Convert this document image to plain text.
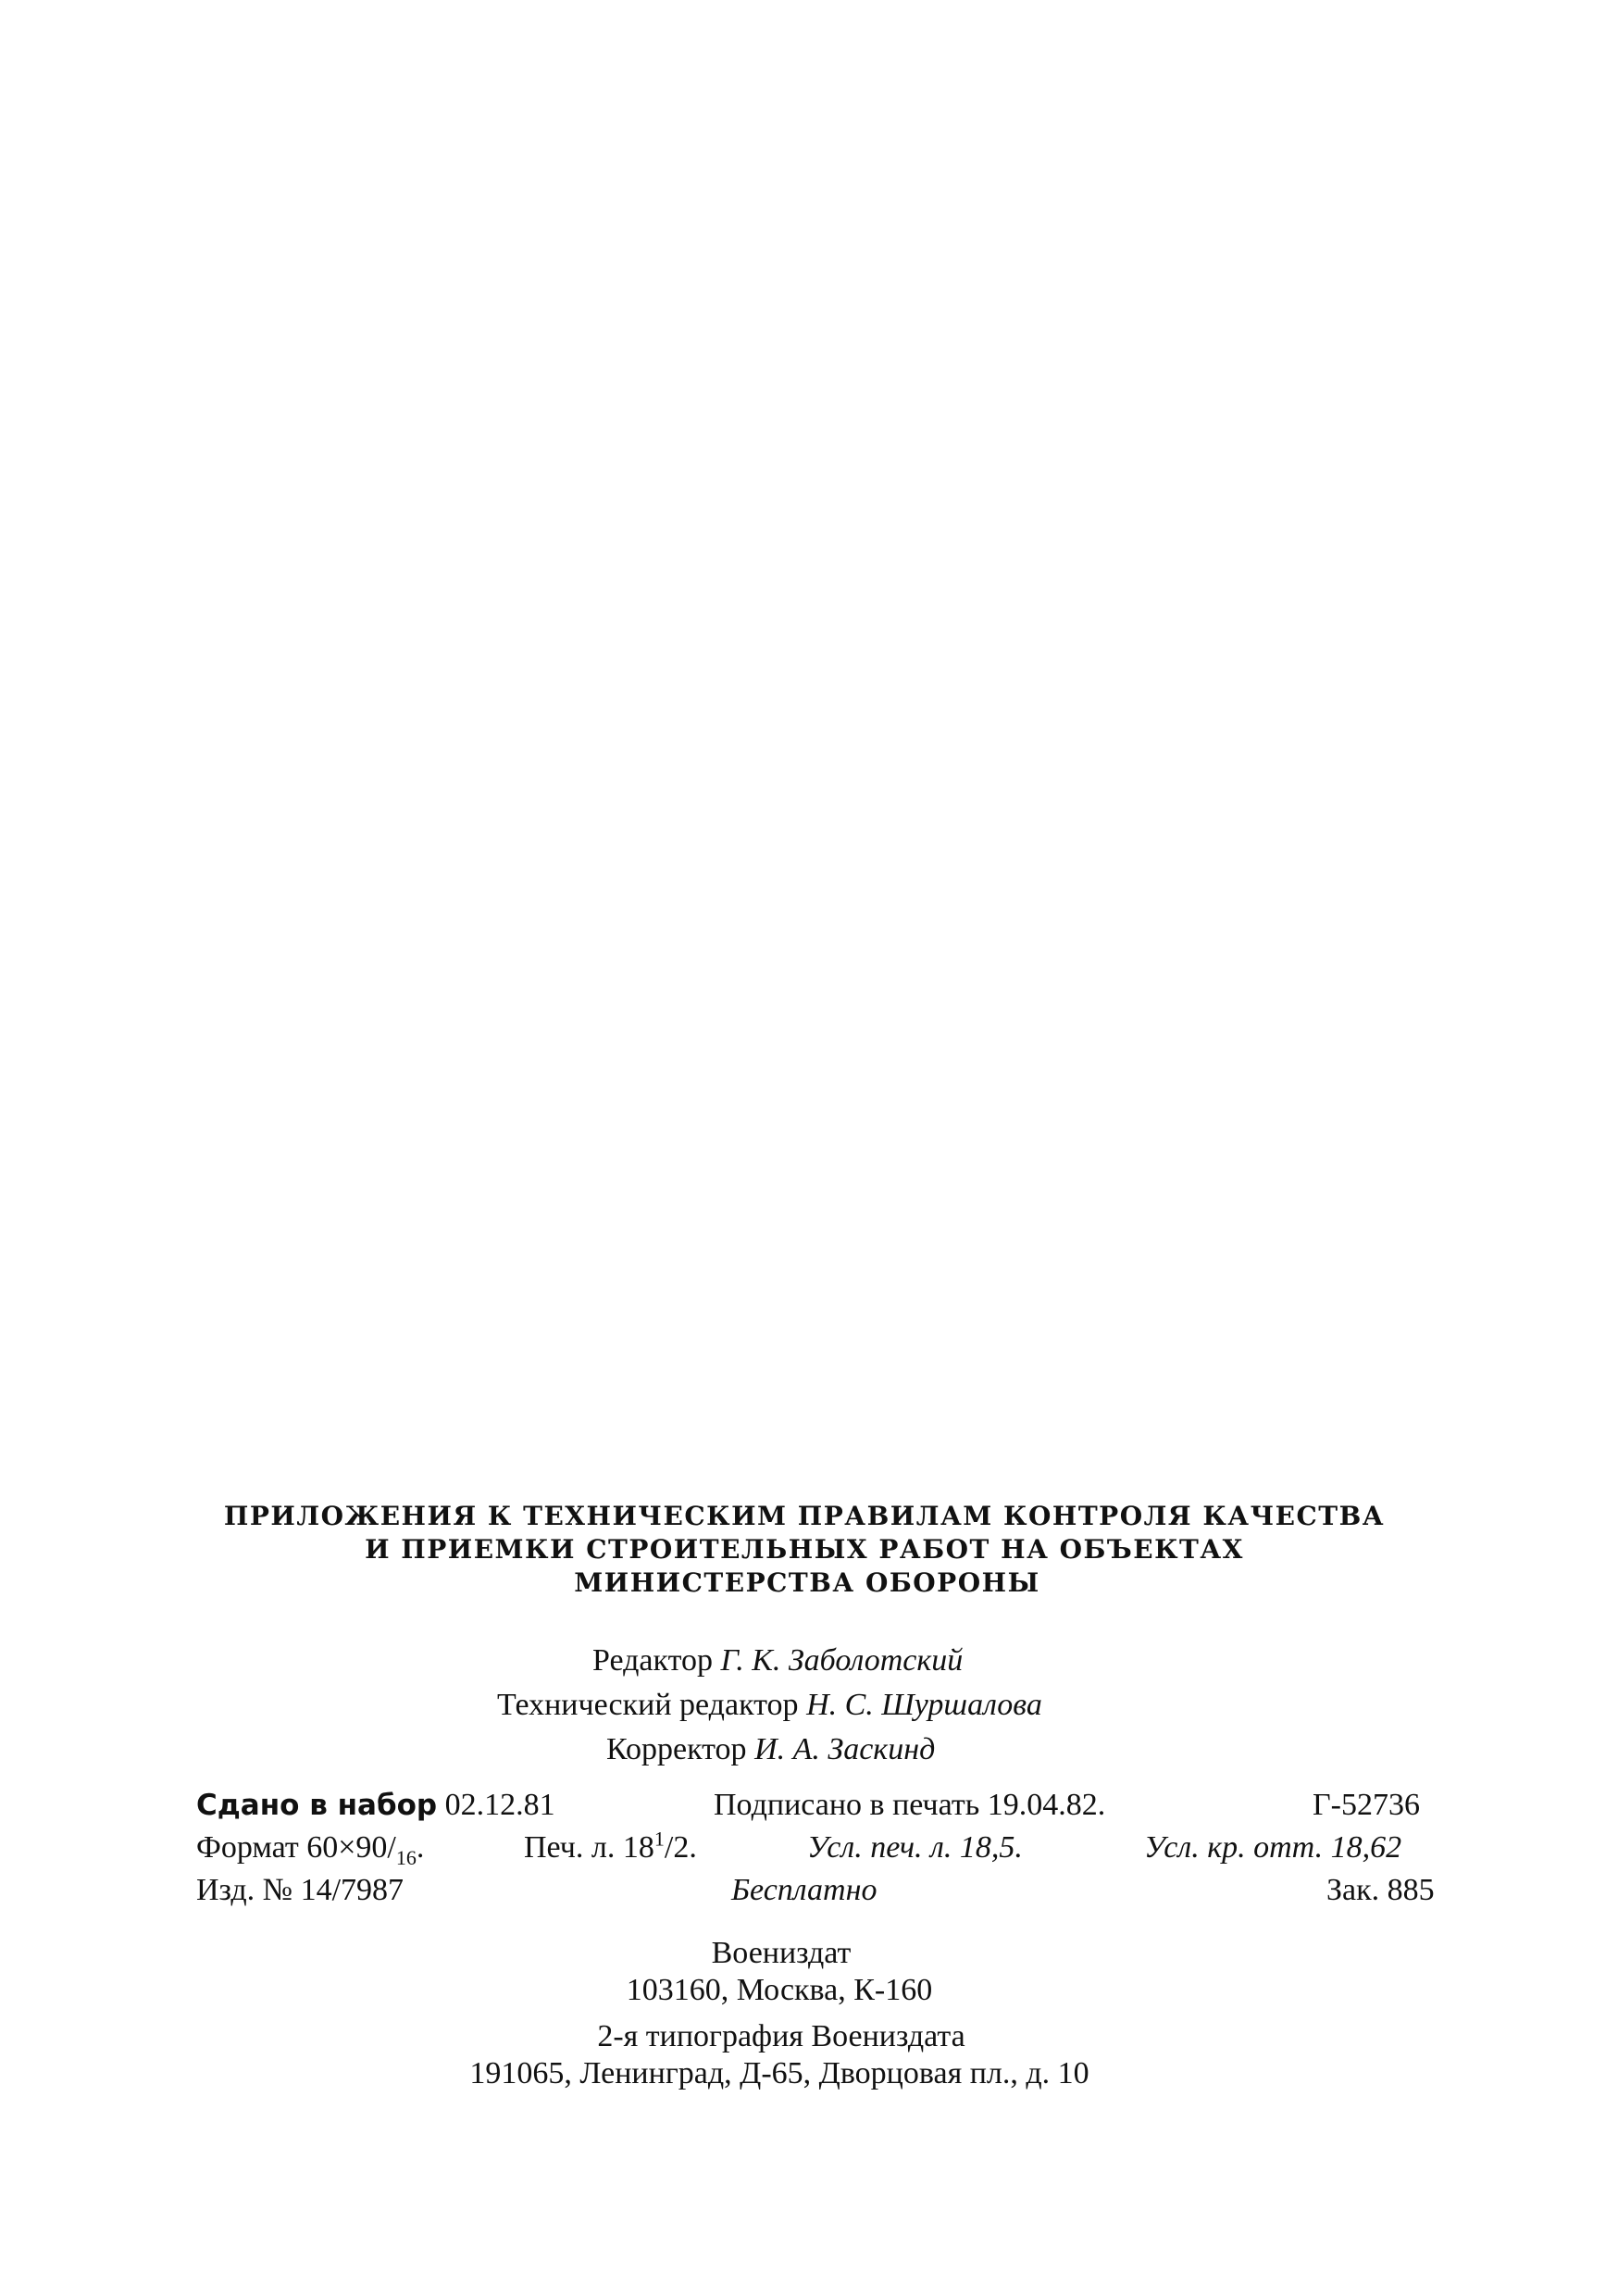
ПРИЛОЖЕНИЯ К ТЕХНИЧЕСКИМ ПРАВИЛАМ КОНТРОЛЯ КАЧЕСТВА
И ПРИЕМКИ СТРОИТЕЛЬНЫХ РАБОТ НА ОБЪЕКТАХ
МИНИСТЕРСТВА ОБОРОНЫ
Редактор Г. К. Заболотский
Технический редактор Н. С. Шуршалова
Корректор И. А. Заскинд
Сдано в набор 02.12.81	Подписано в печать 19.04.82.	Г-52736
Формат $60\times 90/_{16}$.	Печ. л. $18^1/2$.	Усл. печ. л. 18,5.	Усл. кр. отт. 18,62
Изд. № 14/7987	Бесплатно	Зак. 885
Воениздат
103160, Москва, К-160
2-я типография Воениздата
191065, Ленинград, Д-65, Дворцовая пл., д. 10
